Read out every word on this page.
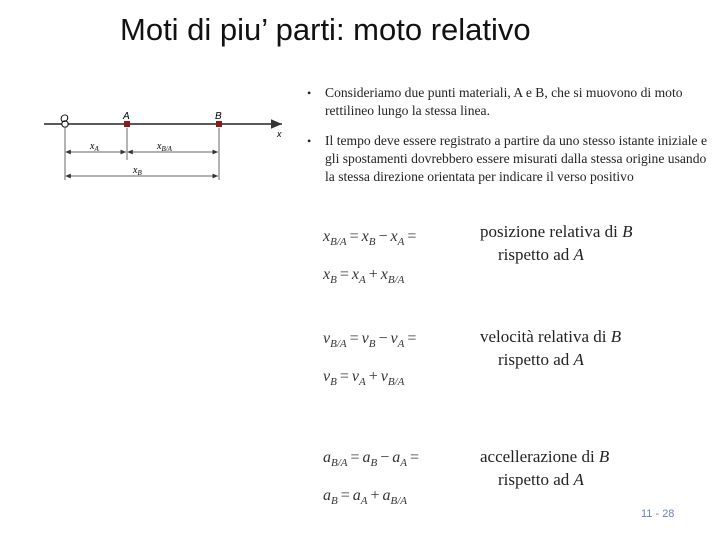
Moti di piu’ parti: moto relativo
O	A	B
x
$x_A$	$x_{B/A}$
$x_B$
•	Consideriamo due punti materiali, A e B, che si muovono di moto rettilineo lungo la stessa linea.
•	Il tempo deve essere registrato a partire da uno stesso istante iniziale e gli spostamenti dovrebbero essere misurati dalla stessa origine usando la stessa direzione orientata per indicare il verso positivo
$x_{B/A} = x_B - x_A$ =
$x_B = x_A + x_{B/A}$
posizione relativa di B
rispetto ad A
$v_{B/A} = v_B - v_A$ =
$v_B = v_A + v_{B/A}$
velocità relativa di B
rispetto ad A
$a_{B/A} = a_B - a_A$ =
$a_B = a_A + a_{B/A}$
accellerazione di B
rispetto ad A
11 - 28
